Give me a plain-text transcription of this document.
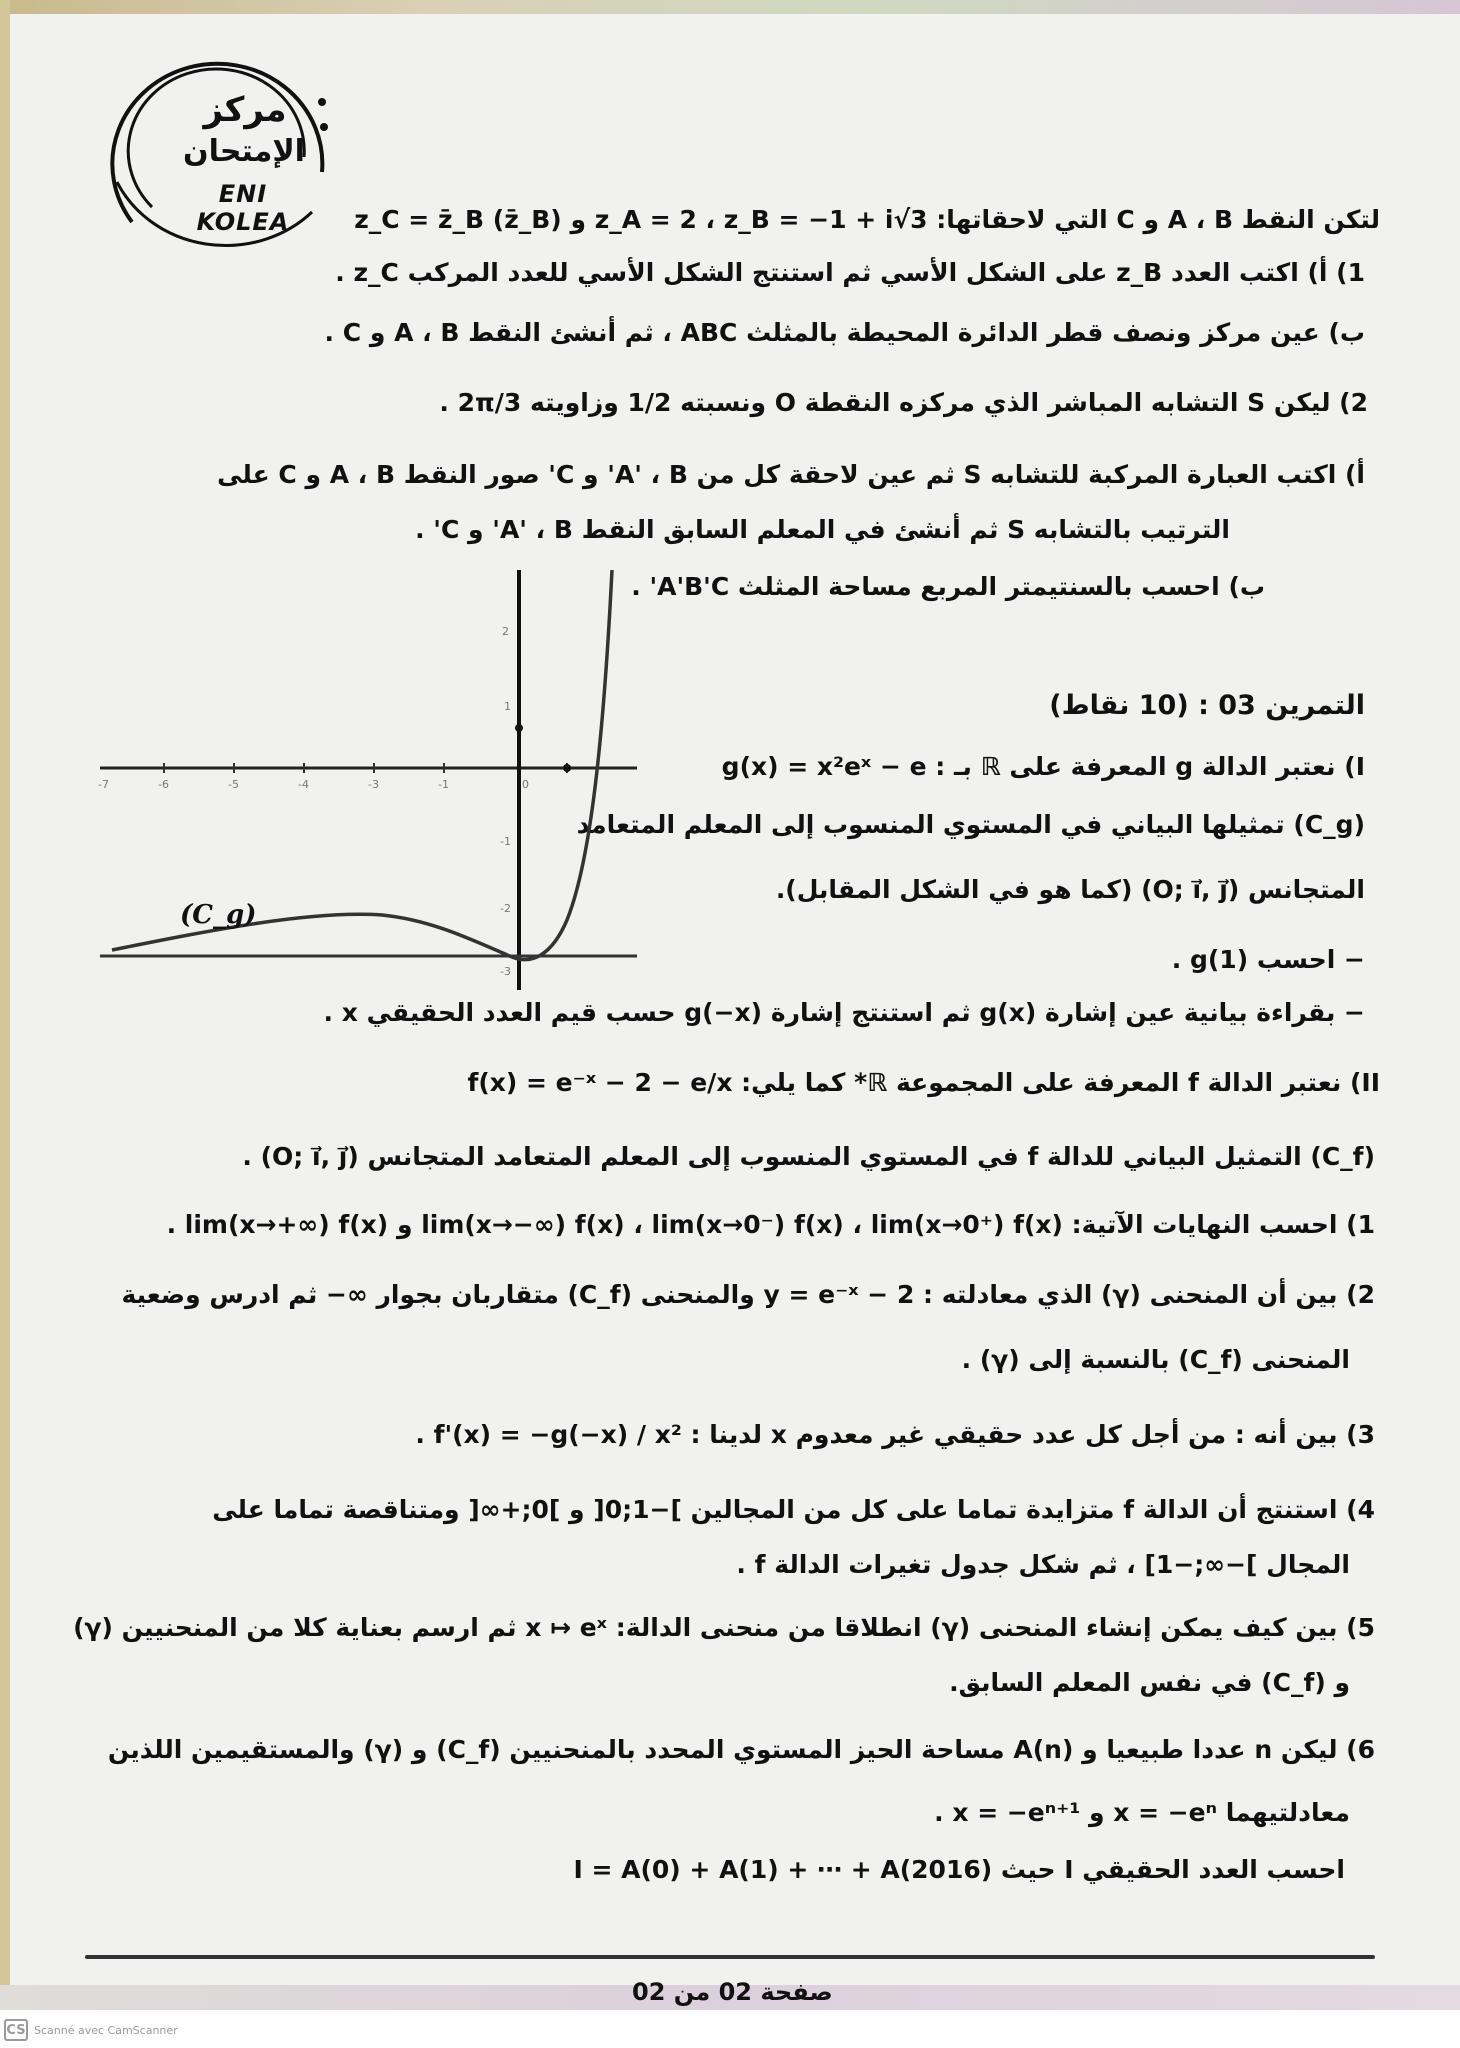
مركز
الإمتحان
ENI KOLEA	لتكن النقط A ، B و C التي لاحقاتها: z_A = 2 ، z_B = −1 + i√3 و z_C = z̄_B (z̄_B)
1) أ) اكتب العدد z_B على الشكل الأسي ثم استنتج الشكل الأسي للعدد المركب z_C .
ب) عين مركز ونصف قطر الدائرة المحيطة بالمثلث ABC ، ثم أنشئ النقط A ، B و C .
2) ليكن S التشابه المباشر الذي مركزه النقطة O ونسبته 1/2 وزاويته 2π/3 .
أ) اكتب العبارة المركبة للتشابه S ثم عين لاحقة كل من A' ، B' و C' صور النقط A ، B و C على
الترتيب بالتشابه S ثم أنشئ في المعلم السابق النقط A' ، B' و C' .
ب) احسب بالسنتيمتر المربع مساحة المثلث A'B'C' .
التمرين 03 : (10 نقاط)
I) نعتبر الدالة g المعرفة على ℝ بـ : g(x) = x²eˣ − e
(C_g) تمثيلها البياني في المستوي المنسوب إلى المعلم المتعامد
المتجانس (O; i⃗, j⃗) (كما هو في الشكل المقابل).
− احسب g(1) .
− بقراءة بيانية عين إشارة g(x) ثم استنتج إشارة g(−x) حسب قيم العدد الحقيقي x .
II) نعتبر الدالة f المعرفة على المجموعة ℝ* كما يلي: f(x) = e⁻ˣ − 2 − e/x
(C_f) التمثيل البياني للدالة f في المستوي المنسوب إلى المعلم المتعامد المتجانس (O; i⃗, j⃗) .
1) احسب النهايات الآتية: lim(x→−∞) f(x) ، lim(x→0⁻) f(x) ، lim(x→0⁺) f(x) و lim(x→+∞) f(x) .
2) بين أن المنحنى (γ) الذي معادلته : y = e⁻ˣ − 2 والمنحنى (C_f) متقاربان بجوار ∞− ثم ادرس وضعية
المنحنى (C_f) بالنسبة إلى (γ) .
3) بين أنه : من أجل كل عدد حقيقي غير معدوم x لدينا : f'(x) = −g(−x) / x² .
4) استنتج أن الدالة f متزايدة تماما على كل من المجالين ]−1;0[ و ]0;+∞[ ومتناقصة تماما على
المجال ]−∞;−1] ، ثم شكل جدول تغيرات الدالة f .
5) بين كيف يمكن إنشاء المنحنى (γ) انطلاقا من منحنى الدالة: x ↦ eˣ ثم ارسم بعناية كلا من المنحنيين (γ)
و (C_f) في نفس المعلم السابق.
6) ليكن n عددا طبيعيا و A(n) مساحة الحيز المستوي المحدد بالمنحنيين (C_f) و (γ) والمستقيمين اللذين
معادلتيهما x = −eⁿ و x = −eⁿ⁺¹ .
احسب العدد الحقيقي I حيث I = A(0) + A(1) + ⋯ + A(2016)
-7	-6	-5	-4	-3	-1	0
2
1
-1
-2
-3
(C_g)
صفحة 02 من 02
CS Scanné avec CamScanner
